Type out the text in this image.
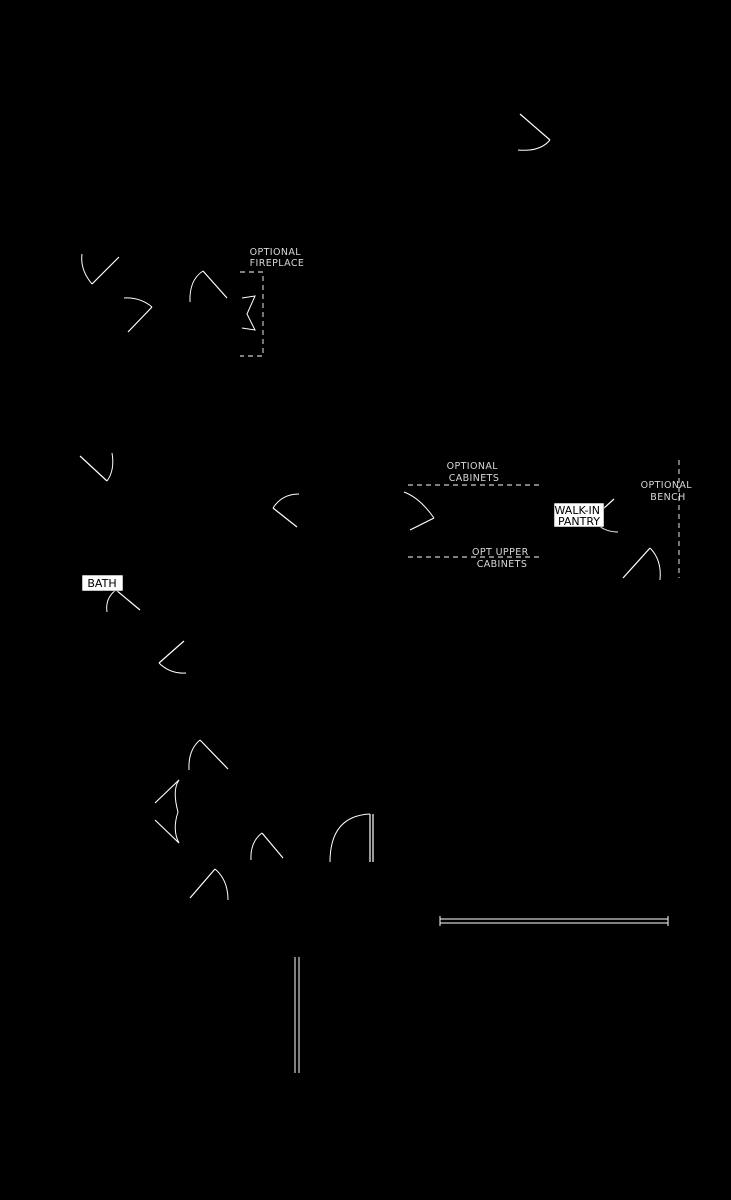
OPTIONAL FIREPLACE
OPTIONAL CABINETS
OPTIONAL BENCH
OPT UPPER CABINETS
WALK-IN PANTRY
BATH
